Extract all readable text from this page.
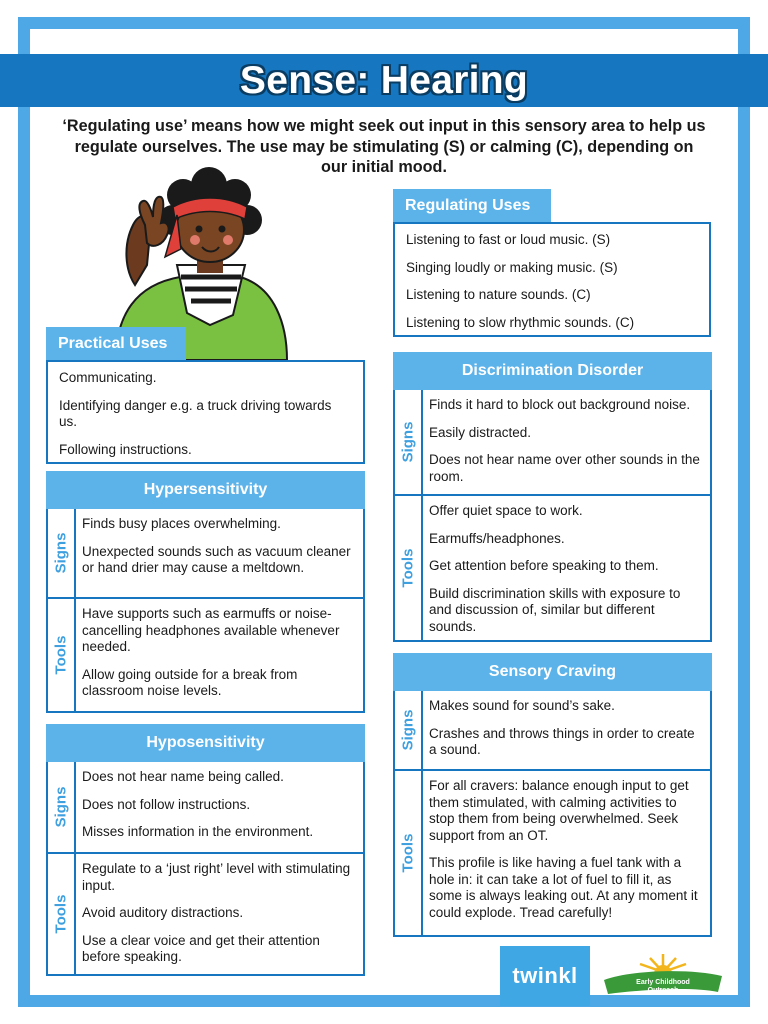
Sense: Hearing
‘Regulating use’ means how we might seek out input in this sensory area to help us regulate ourselves. The use may be stimulating (S) or calming (C), depending on our initial mood.
Practical Uses

Communicating.

Identifying danger e.g. a truck driving towards us.

Following instructions.

Regulating Uses

Listening to fast or loud music. (S)

Singing loudly or making music. (S)

Listening to nature sounds. (C)

Listening to slow rhythmic sounds. (C)

Hypersensitivity
Signs

Finds busy places overwhelming.

Unexpected sounds such as vacuum cleaner or hand drier may cause a meltdown.

Tools

Have supports such as earmuffs or noise-cancelling headphones available whenever needed.

Allow going outside for a break from classroom noise levels.

Hyposensitivity
Signs

Does not hear name being called.

Does not follow instructions.

Misses information in the environment.

Tools

Regulate to a ‘just right’ level with stimulating input.

Avoid auditory distractions.

Use a clear voice and get their attention before speaking.

Discrimination Disorder
Signs

Finds it hard to block out background noise.

Easily distracted.

Does not hear name over other sounds in the room.

Tools

Offer quiet space to work.

Earmuffs/headphones.

Get attention before speaking to them.

Build discrimination skills with exposure to and discussion of, similar but different sounds.

Sensory Craving
Signs

Makes sound for sound’s sake.

Crashes and throws things in order to create a sound.

Tools

For all cravers: balance enough input to get them stimulated, with calming activities to stop them from being overwhelmed. Seek support from an OT.

This profile is like having a fuel tank with a hole in: it can take a lot of fuel to fill it, as some is always leaking out. At any moment it could explode. Tread carefully!

twinkl	Early Childhood
Outreach
